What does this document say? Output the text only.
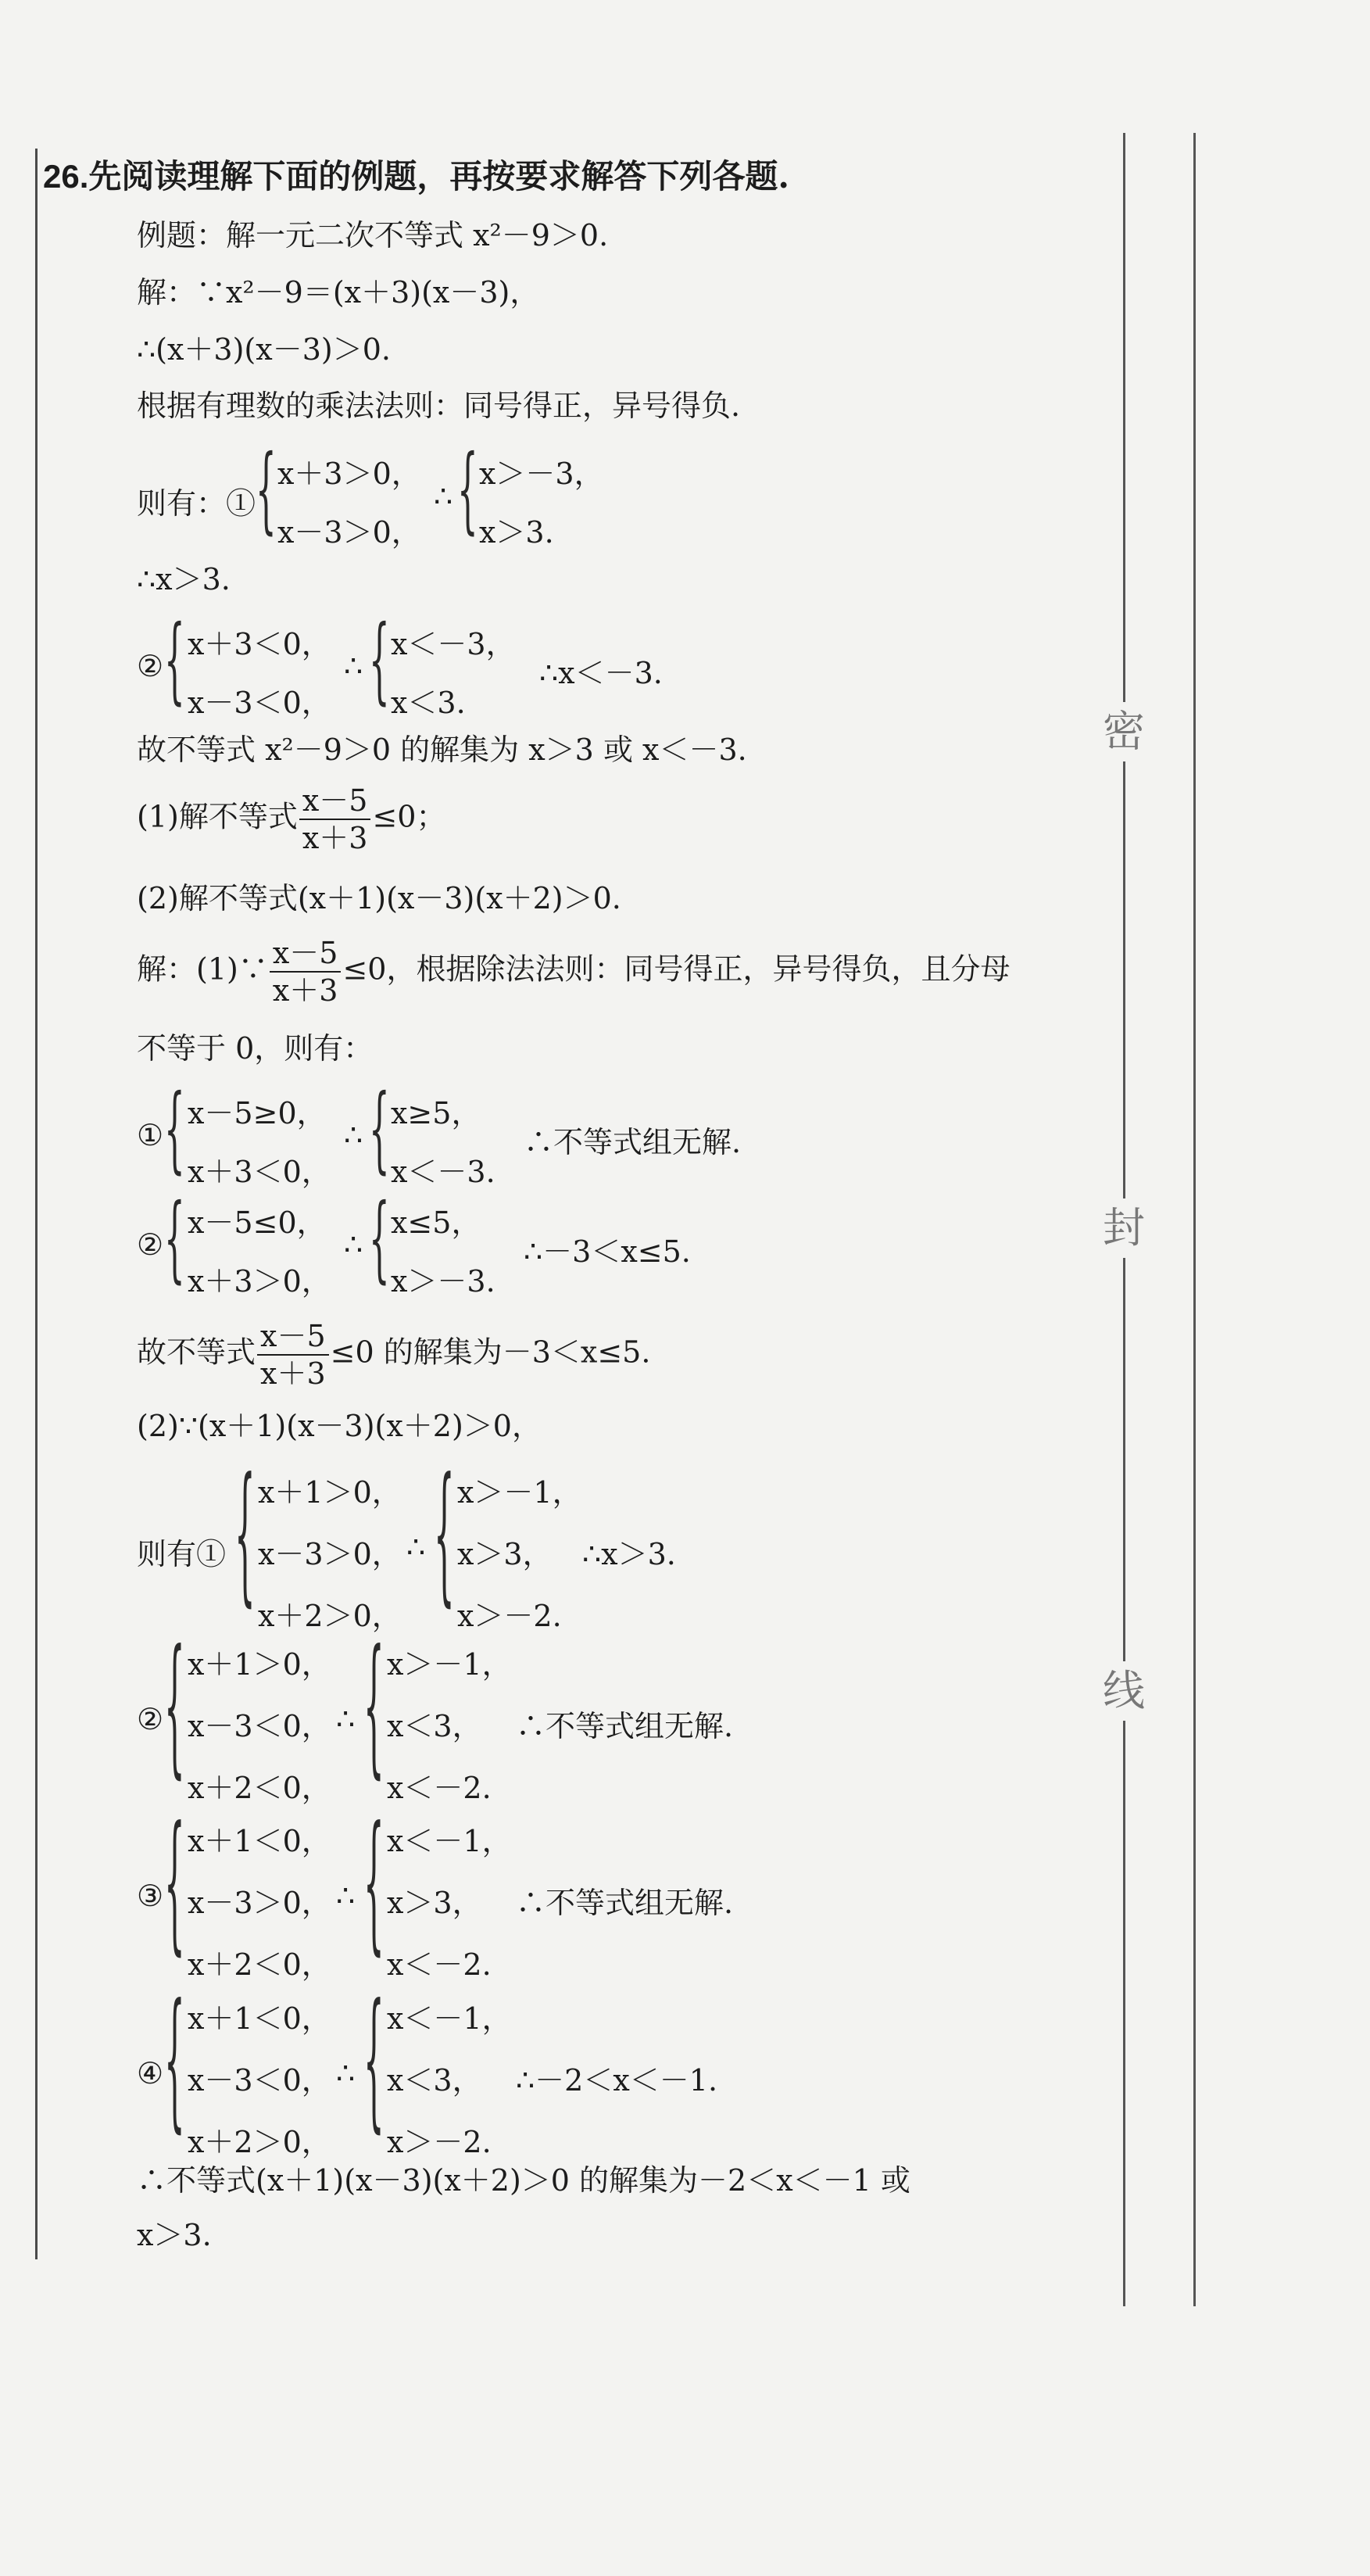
密
封
线
26.先阅读理解下面的例题，再按要求解答下列各题.
例题：解一元二次不等式 x²－9＞0.
解：∵x²－9＝(x＋3)(x－3)，
∴(x＋3)(x－3)＞0.
根据有理数的乘法法则：同号得正，异号得负.
则有：① { x＋3＞0，
x－3＞0，
∴ { x＞－3，
x＞3.
∴x＞3.
② { x＋3＜0，
x－3＜0，
∴ { x＜－3，
x＜3.
∴x＜－3.
故不等式 x²－9＞0 的解集为 x＞3 或 x＜－3.
(1)解不等式 $\frac{x-5}{x+3} \le 0$；
(2)解不等式(x＋1)(x－3)(x＋2)＞0.
解：(1)∵ $\frac{x-5}{x+3} \le 0$，根据除法法则：同号得正，异号得负，且分母
不等于 0，则有：
① { x－5≥0，
x＋3＜0，
∴ { x≥5，
x＜－3.
∴不等式组无解.
② { x－5≤0，
x＋3＞0，
∴ { x≤5，
x＞－3.
∴－3＜x≤5.
故不等式 $\frac{x-5}{x+3} \le 0$ 的解集为－3＜x≤5.
(2)∵(x＋1)(x－3)(x＋2)＞0，
则有① { x＋1＞0，
x－3＞0，
x＋2＞0，
∴ { x＞－1，
x＞3，
x＞－2.
∴x＞3.
② { x＋1＞0，
x－3＜0，
x＋2＜0，
∴ { x＞－1，
x＜3，
x＜－2.
∴不等式组无解.
③ { x＋1＜0，
x－3＞0，
x＋2＜0，
∴ { x＜－1，
x＞3，
x＜－2.
∴不等式组无解.
④ { x＋1＜0，
x－3＜0，
x＋2＞0，
∴ { x＜－1，
x＜3，
x＞－2.
∴－2＜x＜－1.
∴不等式(x＋1)(x－3)(x＋2)＞0 的解集为－2＜x＜－1 或
x＞3.
